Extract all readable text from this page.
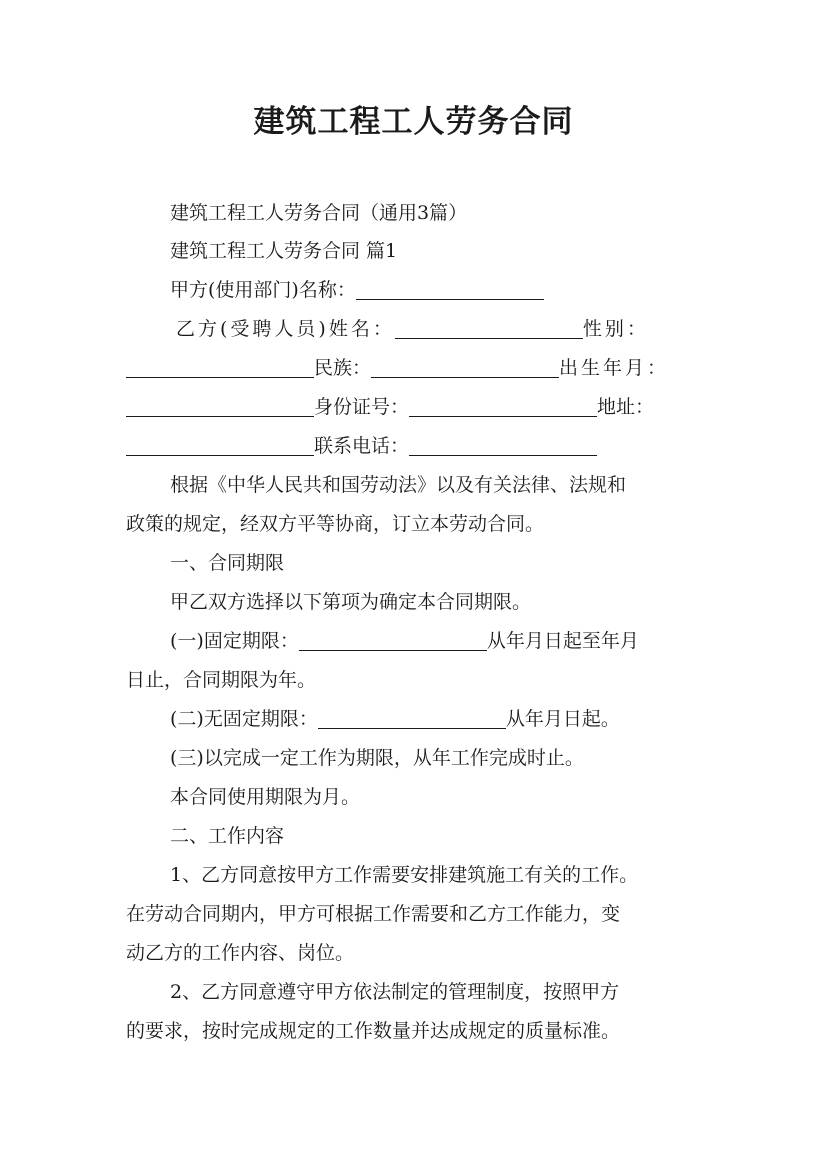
建筑工程工人劳务合同
建筑工程工人劳务合同（通用3篇）
建筑工程工人劳务合同 篇1
甲方(使用部门)名称：
乙方(受聘人员)姓名：	性别：
民族：	出生年月：
身份证号：	地址：
联系电话：
根据《中华人民共和国劳动法》以及有关法律、法规和
政策的规定，经双方平等协商，订立本劳动合同。
一、合同期限
甲乙双方选择以下第项为确定本合同期限。
(一)固定期限：	从年月日起至年月
日止，合同期限为年。
(二)无固定期限：	从年月日起。
(三)以完成一定工作为期限，从年工作完成时止。
本合同使用期限为月。
二、工作内容
1、乙方同意按甲方工作需要安排建筑施工有关的工作。
在劳动合同期内，甲方可根据工作需要和乙方工作能力，变
动乙方的工作内容、岗位。
2、乙方同意遵守甲方依法制定的管理制度，按照甲方
的要求，按时完成规定的工作数量并达成规定的质量标准。
